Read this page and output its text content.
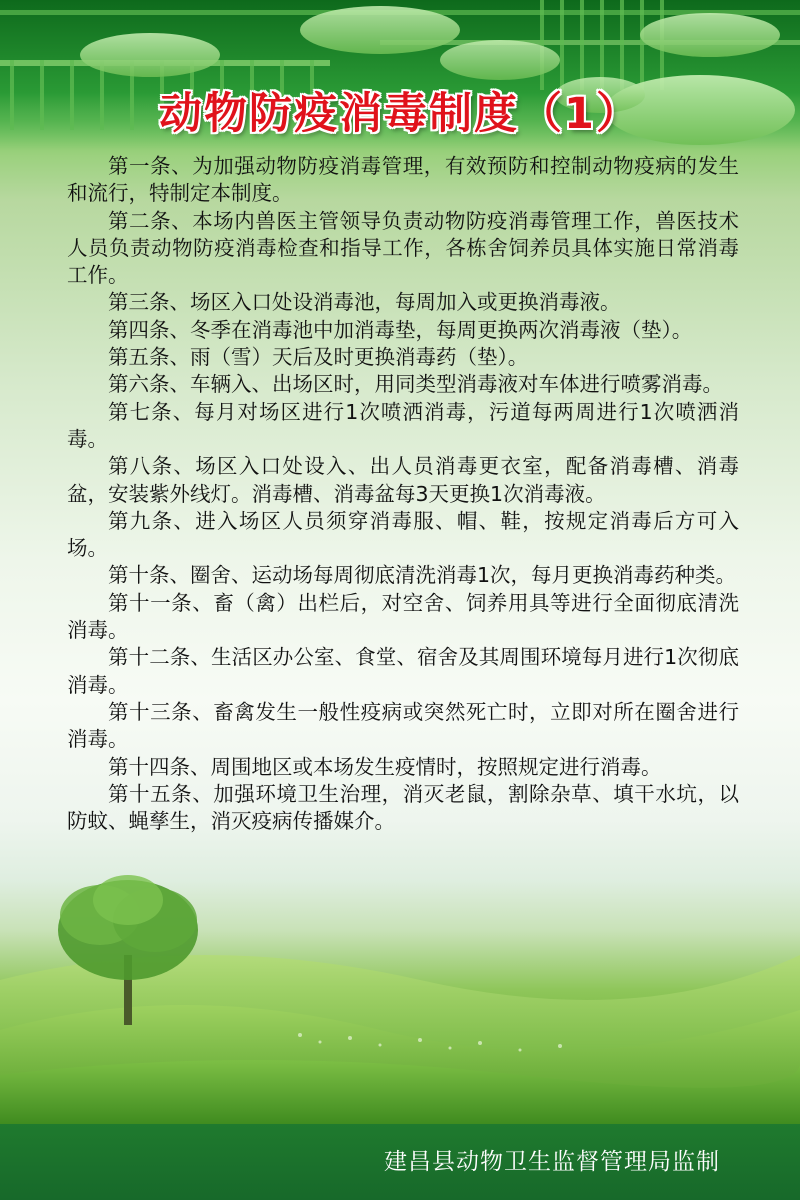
动物防疫消毒制度（1）

第一条、为加强动物防疫消毒管理，有效预防和控制动物疫病的发生和流行，特制定本制度。

第二条、本场内兽医主管领导负责动物防疫消毒管理工作，兽医技术人员负责动物防疫消毒检查和指导工作，各栋舍饲养员具体实施日常消毒工作。

第三条、场区入口处设消毒池，每周加入或更换消毒液。

第四条、冬季在消毒池中加消毒垫，每周更换两次消毒液（垫）。

第五条、雨（雪）天后及时更换消毒药（垫）。

第六条、车辆入、出场区时，用同类型消毒液对车体进行喷雾消毒。

第七条、每月对场区进行1次喷洒消毒，污道每两周进行1次喷洒消毒。

第八条、场区入口处设入、出人员消毒更衣室，配备消毒槽、消毒盆，安装紫外线灯。消毒槽、消毒盆每3天更换1次消毒液。

第九条、进入场区人员须穿消毒服、帽、鞋，按规定消毒后方可入场。

第十条、圈舍、运动场每周彻底清洗消毒1次，每月更换消毒药种类。

第十一条、畜（禽）出栏后，对空舍、饲养用具等进行全面彻底清洗消毒。

第十二条、生活区办公室、食堂、宿舍及其周围环境每月进行1次彻底消毒。

第十三条、畜禽发生一般性疫病或突然死亡时，立即对所在圈舍进行消毒。

第十四条、周围地区或本场发生疫情时，按照规定进行消毒。

第十五条、加强环境卫生治理，消灭老鼠，割除杂草、填干水坑，以防蚊、蝇孳生，消灭疫病传播媒介。

建昌县动物卫生监督管理局监制
